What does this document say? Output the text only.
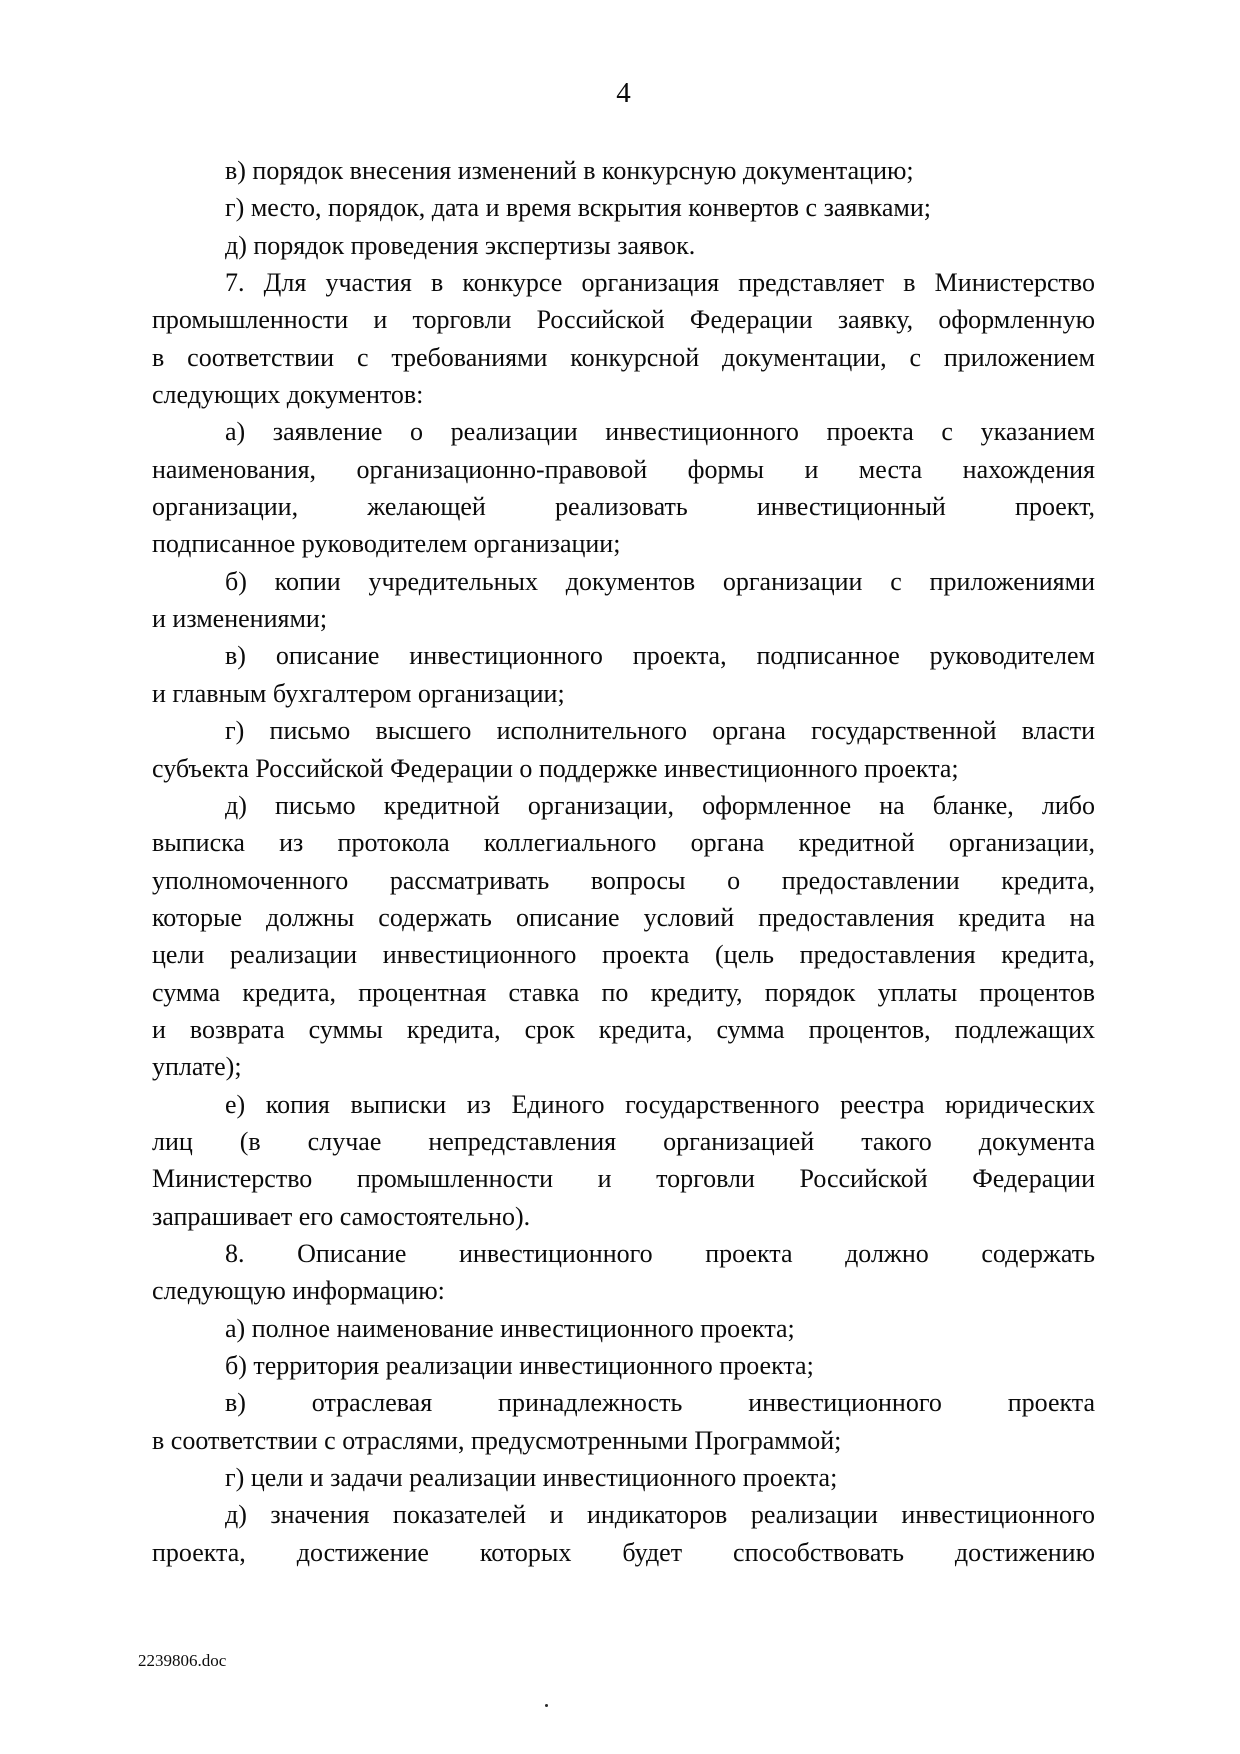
4
в) порядок внесения изменений в конкурсную документацию;
г) место, порядок, дата и время вскрытия конвертов с заявками;
д) порядок проведения экспертизы заявок.
7. Для участия в конкурсе организация представляет в Министерство
промышленности и торговли Российской Федерации заявку, оформленную
в соответствии с требованиями конкурсной документации, с приложением
следующих документов:
а) заявление о реализации инвестиционного проекта с указанием
наименования, организационно-правовой формы и места нахождения
организации, желающей реализовать инвестиционный проект,
подписанное руководителем организации;
б) копии учредительных документов организации с приложениями
и изменениями;
в) описание инвестиционного проекта, подписанное руководителем
и главным бухгалтером организации;
г) письмо высшего исполнительного органа государственной власти
субъекта Российской Федерации о поддержке инвестиционного проекта;
д) письмо кредитной организации, оформленное на бланке, либо
выписка из протокола коллегиального органа кредитной организации,
уполномоченного рассматривать вопросы о предоставлении кредита,
которые должны содержать описание условий предоставления кредита на
цели реализации инвестиционного проекта (цель предоставления кредита,
сумма кредита, процентная ставка по кредиту, порядок уплаты процентов
и возврата суммы кредита, срок кредита, сумма процентов, подлежащих
уплате);
е) копия выписки из Единого государственного реестра юридических
лиц (в случае непредставления организацией такого документа
Министерство промышленности и торговли Российской Федерации
запрашивает его самостоятельно).
8. Описание инвестиционного проекта должно содержать
следующую информацию:
а) полное наименование инвестиционного проекта;
б) территория реализации инвестиционного проекта;
в) отраслевая принадлежность инвестиционного проекта
в соответствии с отраслями, предусмотренными Программой;
г) цели и задачи реализации инвестиционного проекта;
д) значения показателей и индикаторов реализации инвестиционного
проекта, достижение которых будет способствовать достижению
2239806.doc
